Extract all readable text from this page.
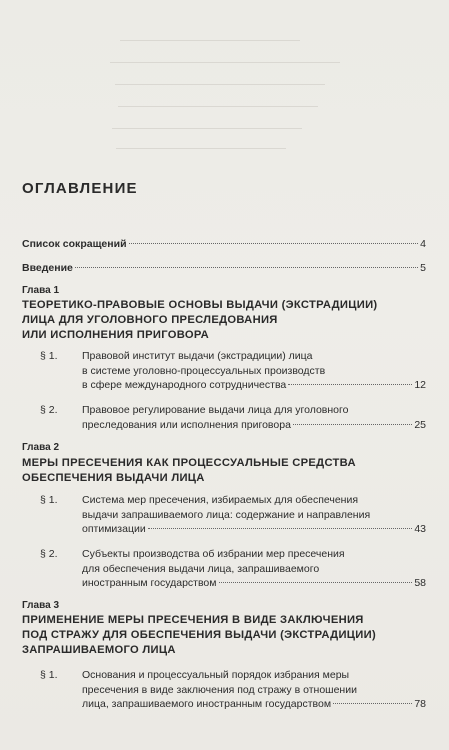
ОГЛАВЛЕНИЕ
Список сокращений	4
Введение	5
Глава 1
ТЕОРЕТИКО-ПРАВОВЫЕ ОСНОВЫ ВЫДАЧИ (ЭКСТРАДИЦИИ)
ЛИЦА ДЛЯ УГОЛОВНОГО ПРЕСЛЕДОВАНИЯ
ИЛИ ИСПОЛНЕНИЯ ПРИГОВОРА
§ 1. Правовой институт выдачи (экстрадиции) лица
в системе уголовно-процессуальных производств
в сфере международного сотрудничества	12
§ 2. Правовое регулирование выдачи лица для уголовного
преследования или исполнения приговора	25
Глава 2
МЕРЫ ПРЕСЕЧЕНИЯ КАК ПРОЦЕССУАЛЬНЫЕ СРЕДСТВА
ОБЕСПЕЧЕНИЯ ВЫДАЧИ ЛИЦА
§ 1. Система мер пресечения, избираемых для обеспечения
выдачи запрашиваемого лица: содержание и направления
оптимизации	43
§ 2. Субъекты производства об избрании мер пресечения
для обеспечения выдачи лица, запрашиваемого
иностранным государством	58
Глава 3
ПРИМЕНЕНИЕ МЕРЫ ПРЕСЕЧЕНИЯ В ВИДЕ ЗАКЛЮЧЕНИЯ
ПОД СТРАЖУ ДЛЯ ОБЕСПЕЧЕНИЯ ВЫДАЧИ (ЭКСТРАДИЦИИ)
ЗАПРАШИВАЕМОГО ЛИЦА
§ 1. Основания и процессуальный порядок избрания меры
пресечения в виде заключения под стражу в отношении
лица, запрашиваемого иностранным государством	78
